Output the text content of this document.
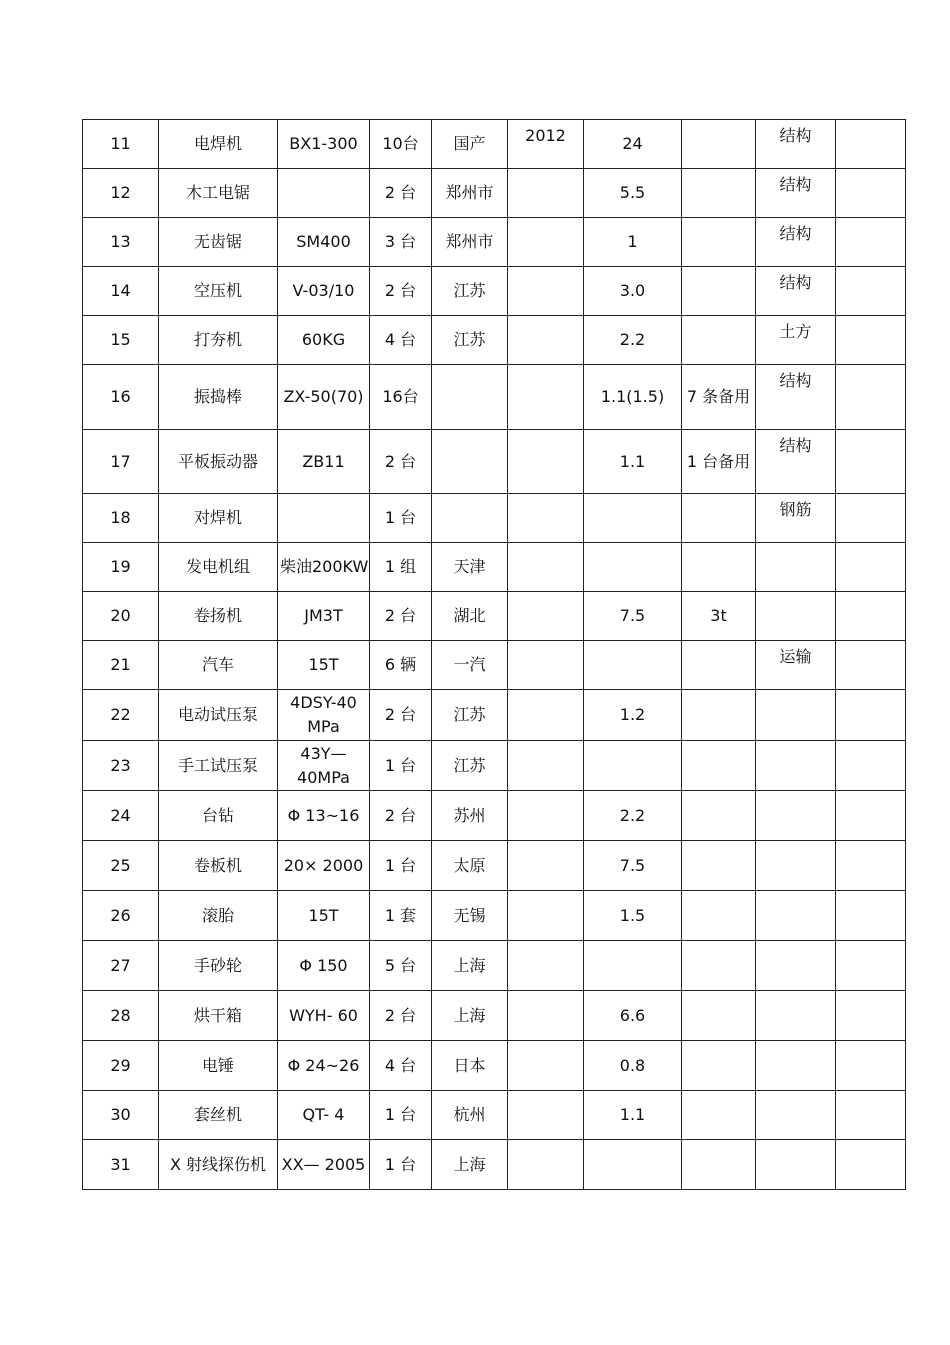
11	电焊机	BX1-300	10台	国产	2012	24		结构	
12	木工电锯		2 台	郑州市		5.5		结构	
13	无齿锯	SM400	3 台	郑州市		1		结构	
14	空压机	V-03/10	2 台	江苏		3.0		结构	
15	打夯机	60KG	4 台	江苏		2.2		土方	
16	振捣棒	ZX-50(70)	16台			1.1(1.5)	7 条备用	结构	
17	平板振动器	ZB11	2 台			1.1	1 台备用	结构	
18	对焊机		1 台					钢筋	
19	发电机组	柴油200KW	1 组	天津					
20	卷扬机	JM3T	2 台	湖北		7.5	3t		
21	汽车	15T	6 辆	一汽				运输	
22	电动试压泵	4DSY-40 MPa	2 台	江苏		1.2			
23	手工试压泵	43Y— 40MPa	1 台	江苏					
24	台钻	Φ 13~16	2 台	苏州		2.2			
25	卷板机	20× 2000	1 台	太原		7.5			
26	滚胎	15T	1 套	无锡		1.5			
27	手砂轮	Φ 150	5 台	上海					
28	烘干箱	WYH- 60	2 台	上海		6.6			
29	电锤	Φ 24~26	4 台	日本		0.8			
30	套丝机	QT- 4	1 台	杭州		1.1			
31	X 射线探伤机	XX— 2005	1 台	上海					
